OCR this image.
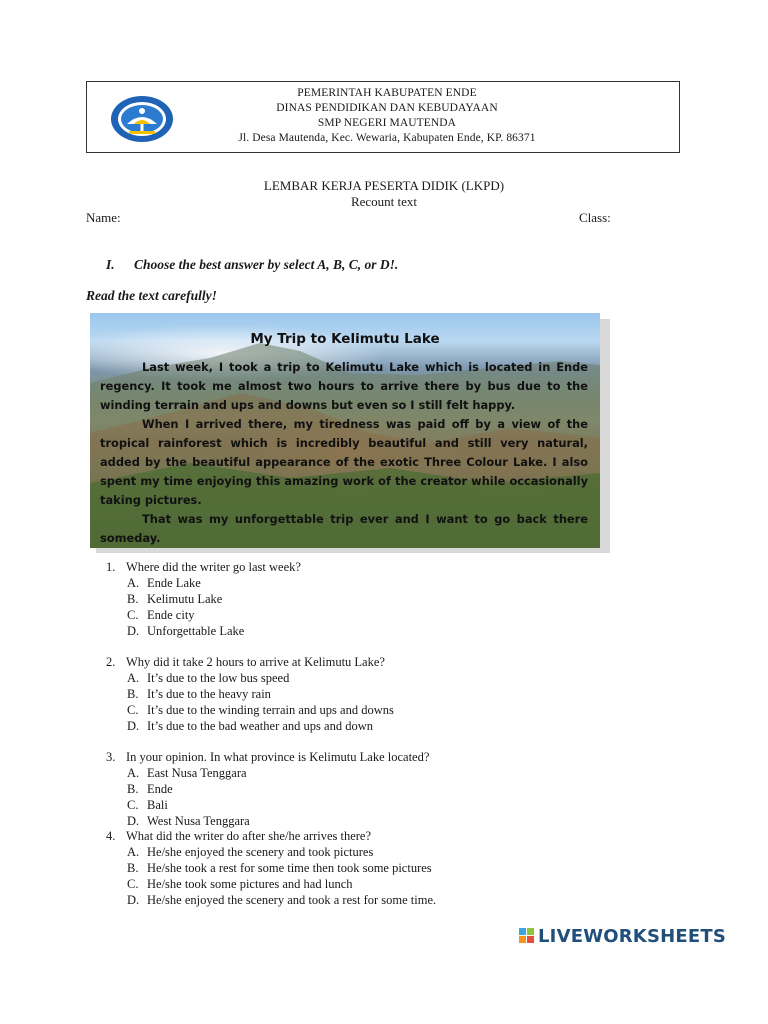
PEMERINTAH KABUPATEN ENDE
DINAS PENDIDIKAN DAN KEBUDAYAAN
SMP NEGERI MAUTENDA
Jl. Desa Mautenda, Kec. Wewaria, Kabupaten Ende, KP. 86371
LEMBAR KERJA PESERTA DIDIK (LKPD)
Recount text
Name:	Class:
I. Choose the best answer by select A, B, C, or D!.
Read the text carefully!
My Trip to Kelimutu Lake

Last week, I took a trip to Kelimutu Lake which is located in Ende regency. It took me almost two hours to arrive there by bus due to the winding terrain and ups and downs but even so I still felt happy.

When I arrived there, my tiredness was paid off by a view of the tropical rainforest which is incredibly beautiful and still very natural, added by the beautiful appearance of the exotic Three Colour Lake. I also spent my time enjoying this amazing work of the creator while occasionally taking pictures.

That was my unforgettable trip ever and I want to go back there someday.

1. Where did the writer go last week?
A. Ende Lake
B. Kelimutu Lake
C. Ende city
D. Unforgettable Lake
2. Why did it take 2 hours to arrive at Kelimutu Lake?
A. It’s due to the low bus speed
B. It’s due to the heavy rain
C. It’s due to the winding terrain and ups and downs
D. It’s due to the bad weather and ups and down
3. In your opinion. In what province is Kelimutu Lake located?
A. East Nusa Tenggara
B. Ende
C. Bali
D. West Nusa Tenggara
4. What did the writer do after she/he arrives there?
A. He/she enjoyed the scenery and took pictures
B. He/she took a rest for some time then took some pictures
C. He/she took some pictures and had lunch
D. He/she enjoyed the scenery and took a rest for some time.
LIVEWORKSHEETS
